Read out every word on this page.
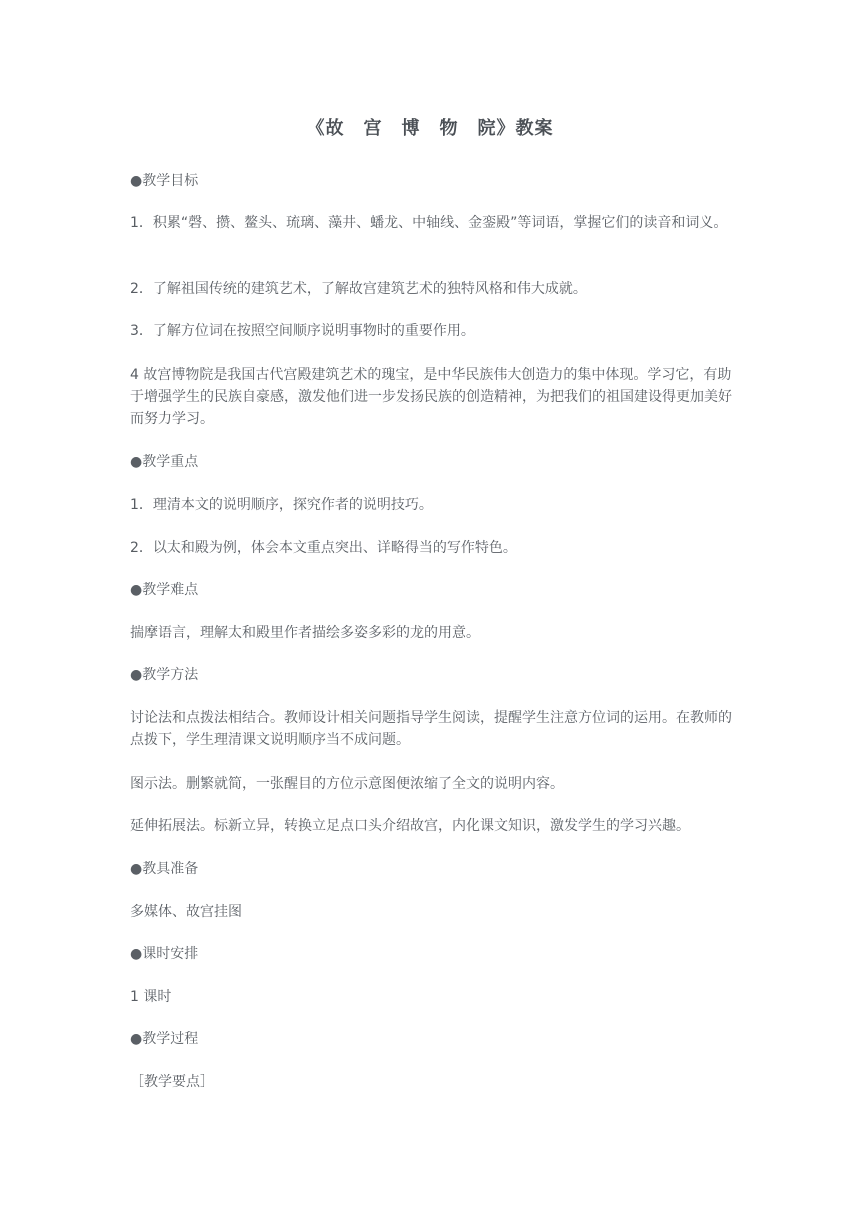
《故　宫　博　物　院》教案

●教学目标

1．积累“磬、攒、鳌头、琉璃、藻井、蟠龙、中轴线、金銮殿”等词语，掌握它们的读音和词义。

2．了解祖国传统的建筑艺术，了解故宫建筑艺术的独特风格和伟大成就。

3．了解方位词在按照空间顺序说明事物时的重要作用。

4 故宫博物院是我国古代宫殿建筑艺术的瑰宝，是中华民族伟大创造力的集中体现。学习它，有助于增强学生的民族自豪感，激发他们进一步发扬民族的创造精神，为把我们的祖国建设得更加美好而努力学习。

●教学重点

1．理清本文的说明顺序，探究作者的说明技巧。

2．以太和殿为例，体会本文重点突出、详略得当的写作特色。

●教学难点

揣摩语言，理解太和殿里作者描绘多姿多彩的龙的用意。

●教学方法

讨论法和点拨法相结合。教师设计相关问题指导学生阅读，提醒学生注意方位词的运用。在教师的点拨下，学生理清课文说明顺序当不成问题。

图示法。删繁就简，一张醒目的方位示意图便浓缩了全文的说明内容。

延伸拓展法。标新立异，转换立足点口头介绍故宫，内化课文知识，激发学生的学习兴趣。

●教具准备

多媒体、故宫挂图

●课时安排

1 课时

●教学过程

［教学要点］
